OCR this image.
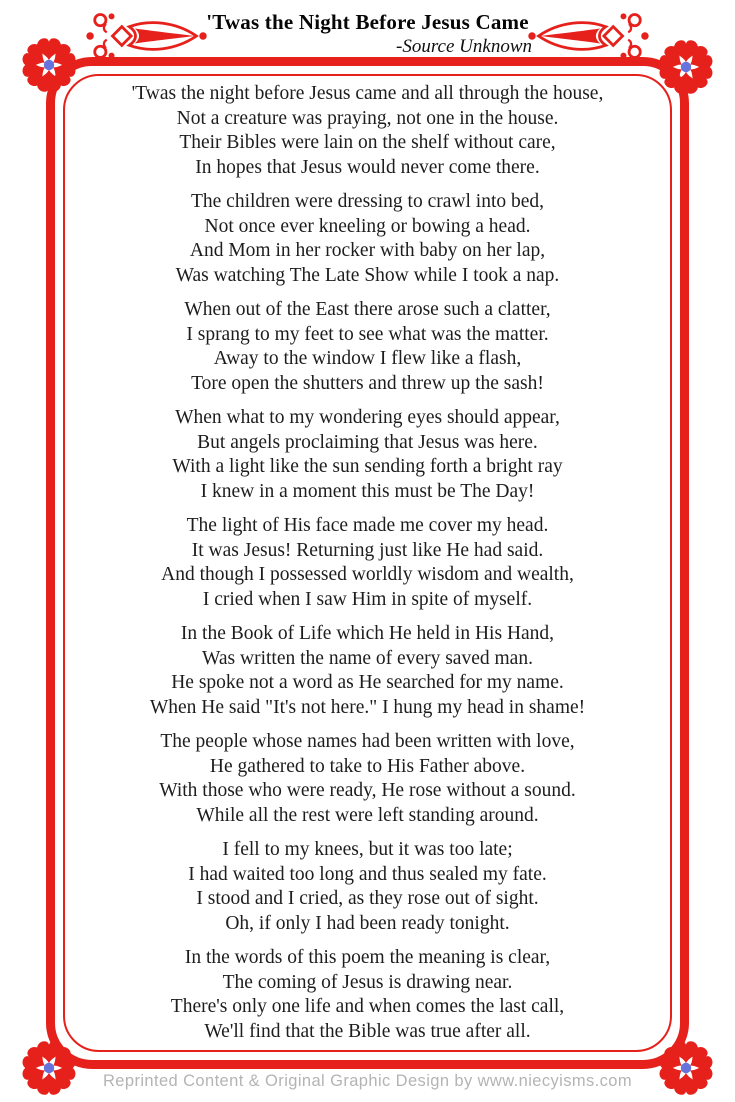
'Twas the Night Before Jesus Came
-Source Unknown
'Twas the night before Jesus came and all through the house,
Not a creature was praying, not one in the house.
Their Bibles were lain on the shelf without care,
In hopes that Jesus would never come there.
The children were dressing to crawl into bed,
Not once ever kneeling or bowing a head.
And Mom in her rocker with baby on her lap,
Was watching The Late Show while I took a nap.
When out of the East there arose such a clatter,
I sprang to my feet to see what was the matter.
Away to the window I flew like a flash,
Tore open the shutters and threw up the sash!
When what to my wondering eyes should appear,
But angels proclaiming that Jesus was here.
With a light like the sun sending forth a bright ray
I knew in a moment this must be The Day!
The light of His face made me cover my head.
It was Jesus! Returning just like He had said.
And though I possessed worldly wisdom and wealth,
I cried when I saw Him in spite of myself.
In the Book of Life which He held in His Hand,
Was written the name of every saved man.
He spoke not a word as He searched for my name.
When He said "It's not here." I hung my head in shame!
The people whose names had been written with love,
He gathered to take to His Father above.
With those who were ready, He rose without a sound.
While all the rest were left standing around.
I fell to my knees, but it was too late;
I had waited too long and thus sealed my fate.
I stood and I cried, as they rose out of sight.
Oh, if only I had been ready tonight.
In the words of this poem the meaning is clear,
The coming of Jesus is drawing near.
There's only one life and when comes the last call,
We'll find that the Bible was true after all.
Reprinted Content & Original Graphic Design by www.niecyisms.com
